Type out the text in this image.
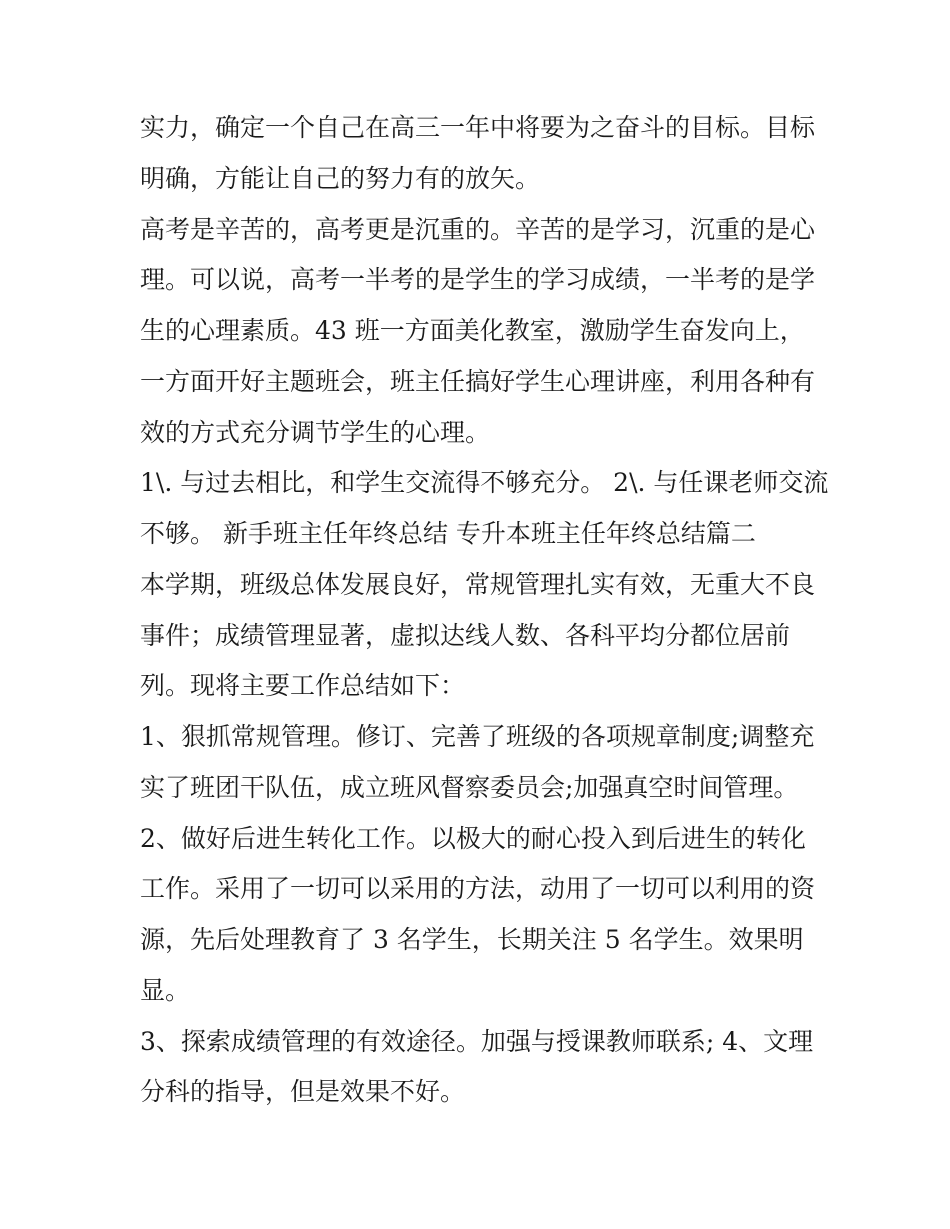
实力，确定一个自己在高三一年中将要为之奋斗的目标。目标

明确，方能让自己的努力有的放矢。

高考是辛苦的，高考更是沉重的。辛苦的是学习，沉重的是心

理。可以说，高考一半考的是学生的学习成绩，一半考的是学

生的心理素质。43 班一方面美化教室，激励学生奋发向上，

一方面开好主题班会，班主任搞好学生心理讲座，利用各种有

效的方式充分调节学生的心理。

1\. 与过去相比，和学生交流得不够充分。 2\. 与任课老师交流

不够。 新手班主任年终总结 专升本班主任年终总结篇二

本学期，班级总体发展良好，常规管理扎实有效，无重大不良

事件；成绩管理显著，虚拟达线人数、各科平均分都位居前

列。现将主要工作总结如下：

1、狠抓常规管理。修订、完善了班级的各项规章制度;调整充

实了班团干队伍，成立班风督察委员会;加强真空时间管理。

2、做好后进生转化工作。以极大的耐心投入到后进生的转化

工作。采用了一切可以采用的方法，动用了一切可以利用的资

源，先后处理教育了 3 名学生，长期关注 5 名学生。效果明

显。

3、探索成绩管理的有效途径。加强与授课教师联系; 4、文理

分科的指导，但是效果不好。
